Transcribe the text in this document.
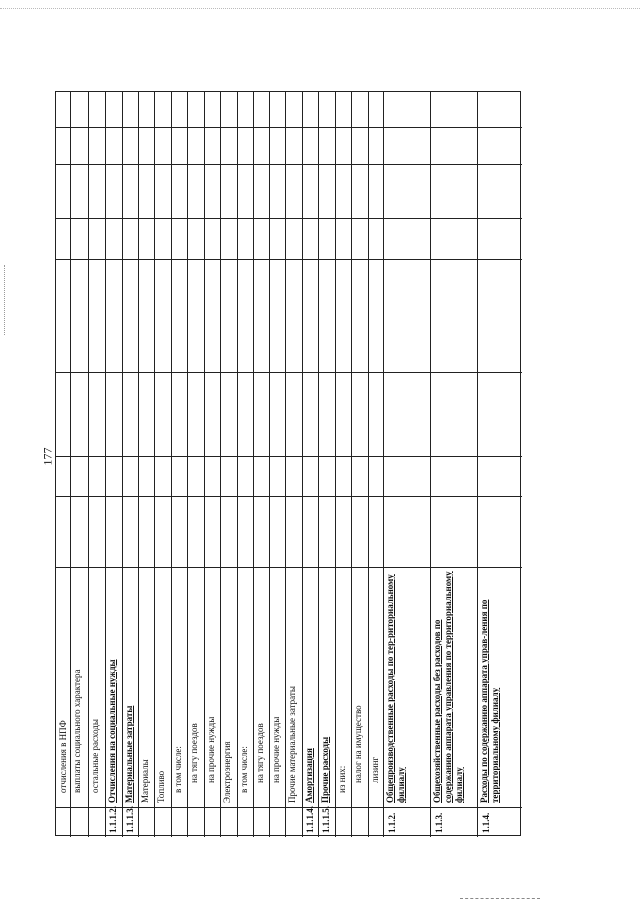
177
отчисления в НПФ выплаты социального характера остальные расходы Отчисления на социальные нужды
1.1.1.2.
Материальные затраты
1.1.1.3.
Материалы Топливо в том числе: на тягу поездов на прочие нужды Электроэнергия в том числе: на тягу поездов на прочие нужды Прочие материальные затраты Амортизация
1.1.1.4.
Прочие расходы
1.1.1.5.
из них: налог на имущество лизинг Общепроизводственные расходы по тер-риториальному филиалу
1.1.2.
Общехозяйственные расходы без расходов по содержанию аппарата управления по территориальному филиалу
1.1.3.
Расходы по содержанию аппарата управ-ления по территориальному филиалу
1.1.4.
